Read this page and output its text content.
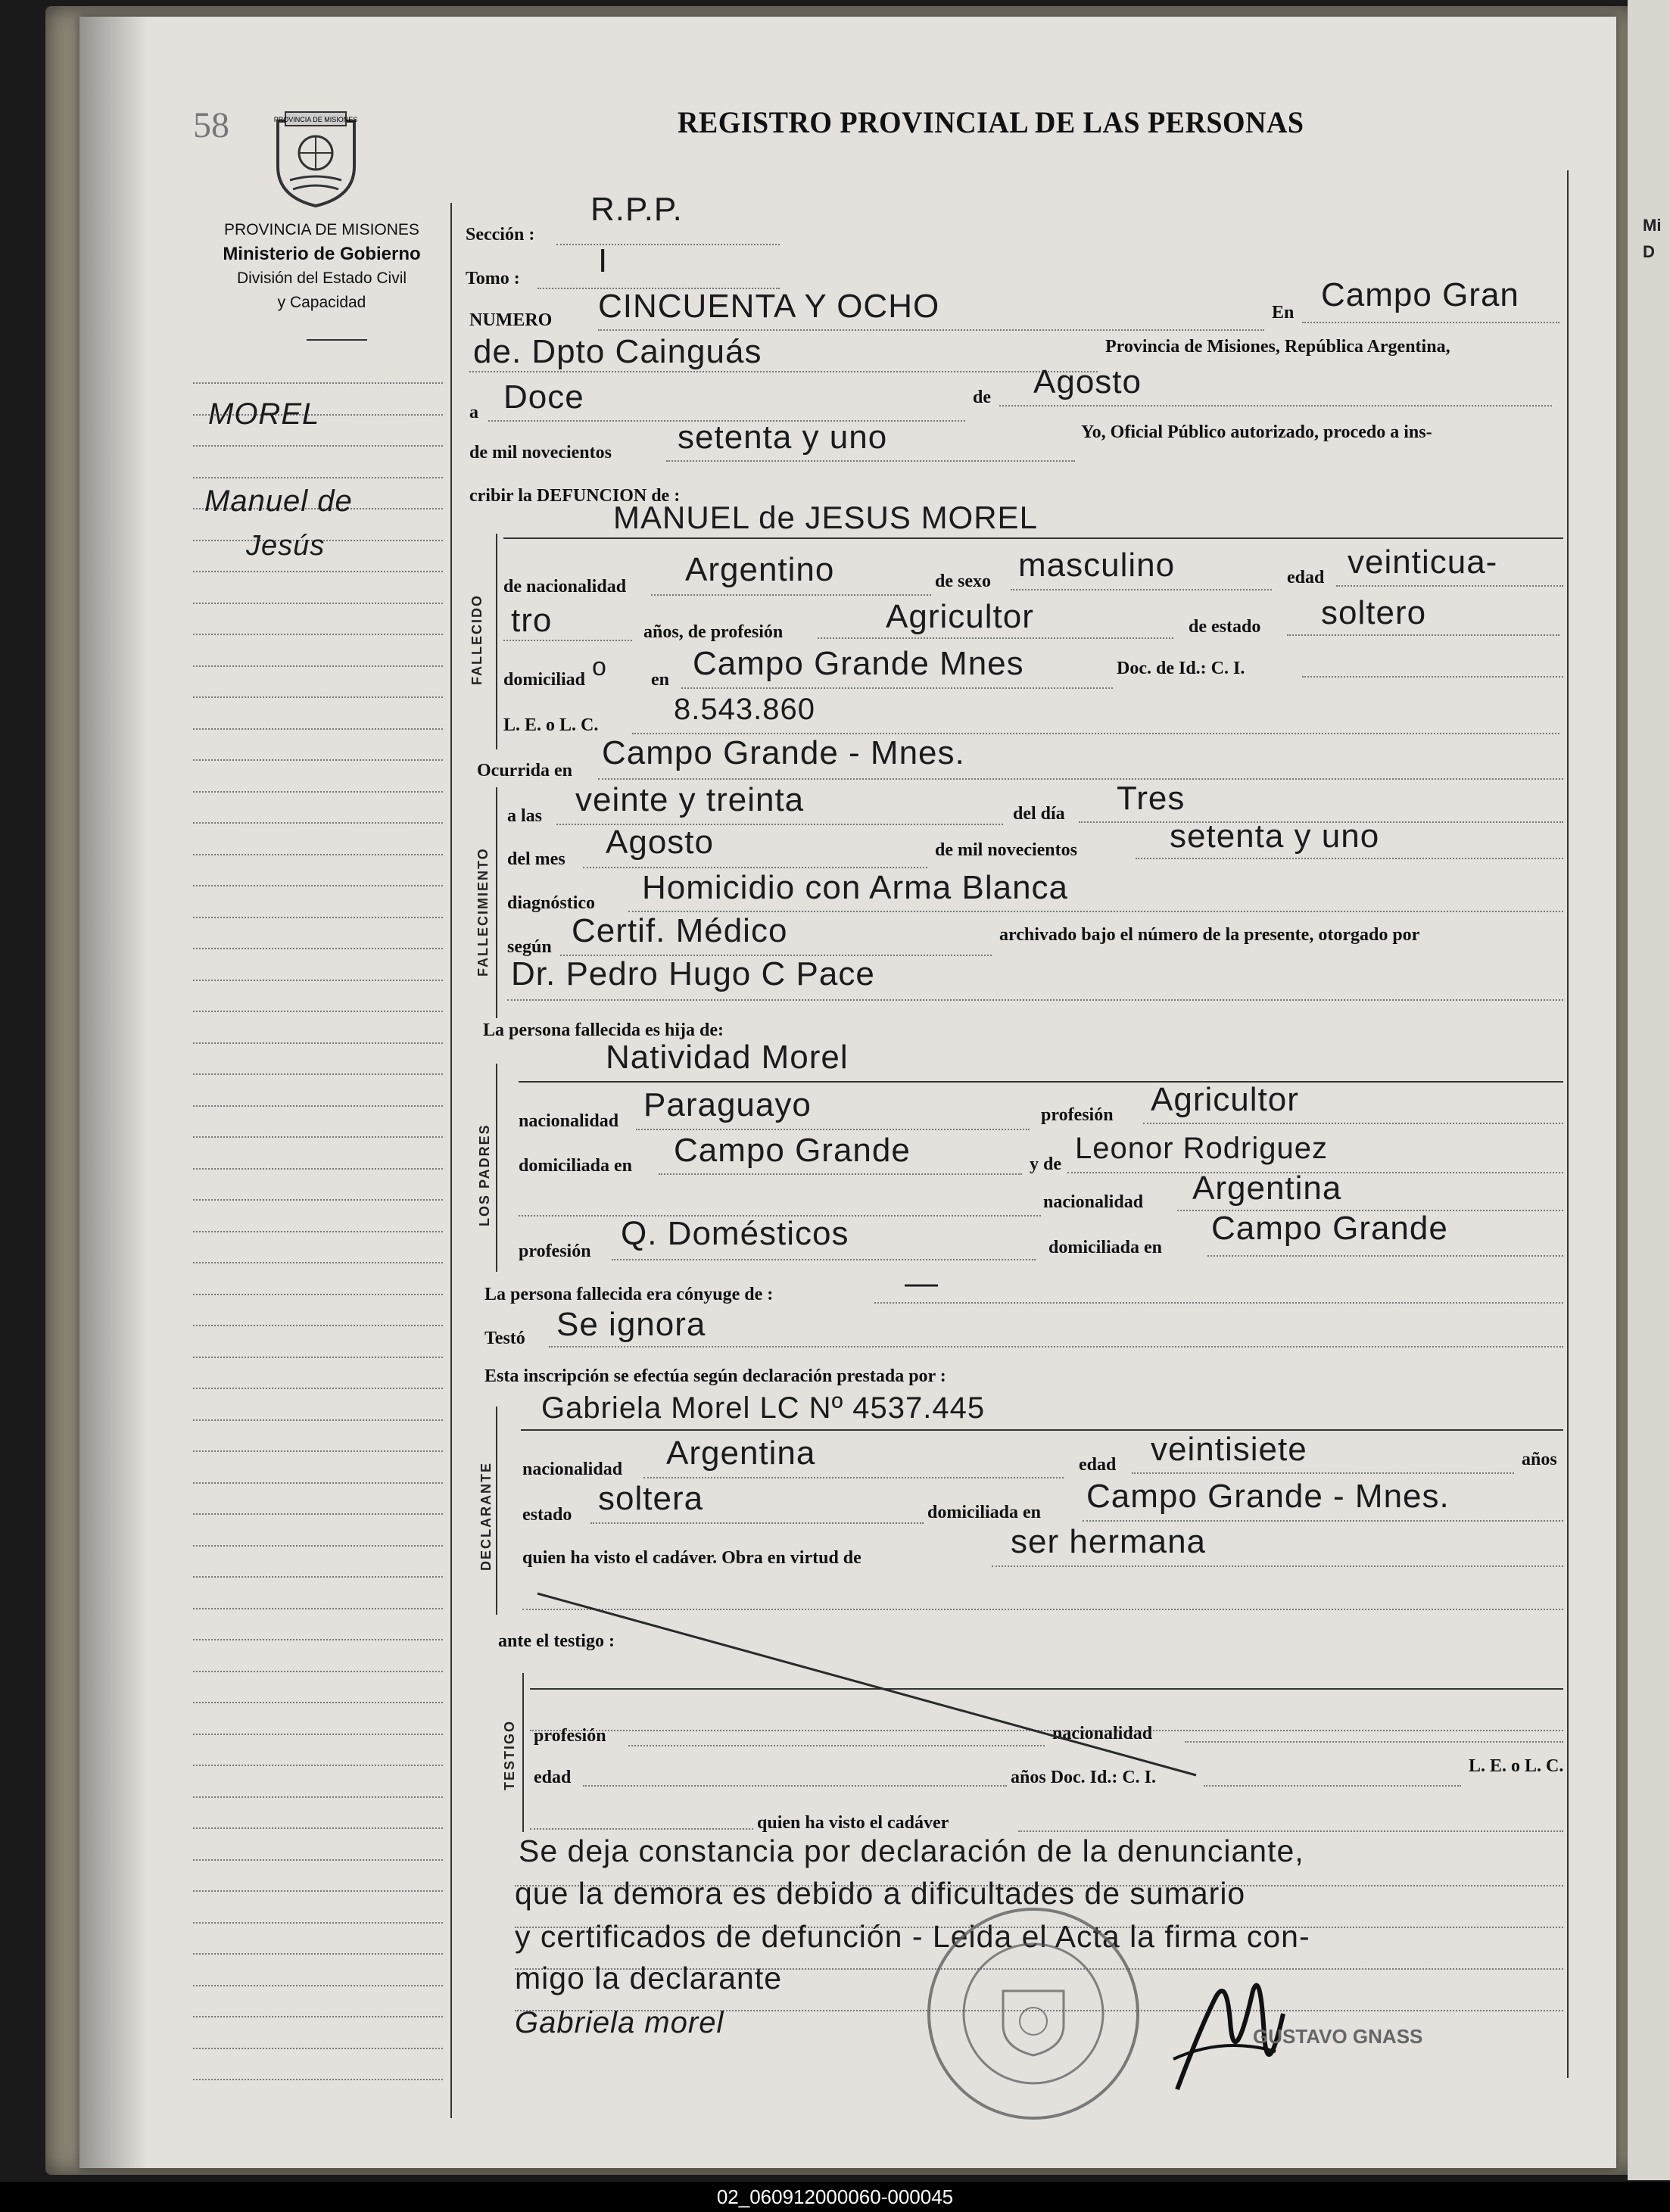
Mi
D
58	PROVINCIA DE MISIONES	REGISTRO PROVINCIAL DE LAS PERSONAS
PROVINCIA DE MISIONES
Ministerio de Gobierno
División del Estado Civil
y Capacidad
MOREL
Manuel de
Jesús
Sección :
R.P.P.
Tomo : I
NUMERO CINCUENTA Y OCHO	En Campo Gran
de. Dpto Cainguás	Provincia de Misiones, República Argentina,
a Doce	de Agosto
de mil novecientos setenta y uno	Yo, Oficial Público autorizado, procedo a ins-
cribir la DEFUNCION de :
FALLECIDO
MANUEL de JESUS MOREL
de nacionalidad Argentino	de sexo masculino	edad veinticua-
tro	años, de profesión	Agricultor	de estado soltero
domiciliad o en Campo Grande Mnes	Doc. de Id.: C. I.
L. E. o L. C. 8.543.860
Ocurrida en Campo Grande - Mnes.
FALLECIMIENTO
a las veinte y treinta	del día Tres
del mes Agosto	de mil novecientos	setenta y uno
diagnóstico Homicidio con Arma Blanca
según Certif. Médico	archivado bajo el número de la presente, otorgado por
Dr. Pedro Hugo C Pace
La persona fallecida es hija de:
LOS PADRES
Natividad Morel
nacionalidad Paraguayo	profesión Agricultor
domiciliada en Campo Grande	y de Leonor Rodriguez
nacionalidad Argentina
profesión Q. Domésticos	domiciliada en
Campo Grande
La persona fallecida era cónyuge de :	—
Testó Se ignora
Esta inscripción se efectúa según declaración prestada por :
DECLARANTE
Gabriela Morel LC Nº 4537.445
nacionalidad Argentina	edad veintisiete	años
estado soltera	domiciliada en Campo Grande - Mnes.
quien ha visto el cadáver. Obra en virtud de	ser hermana
ante el testigo :
TESTIGO profesión	nacionalidad
edad	años Doc. Id.: C. I.
L. E. o L. C.
quien ha visto el cadáver
Se deja constancia por declaración de la denunciante,
que la demora es debido a dificultades de sumario
y certificados de defunción - Leida el Acta la firma con-
migo la declarante
Gabriela morel	GUSTAVO GNASS
02_060912000060-000045
